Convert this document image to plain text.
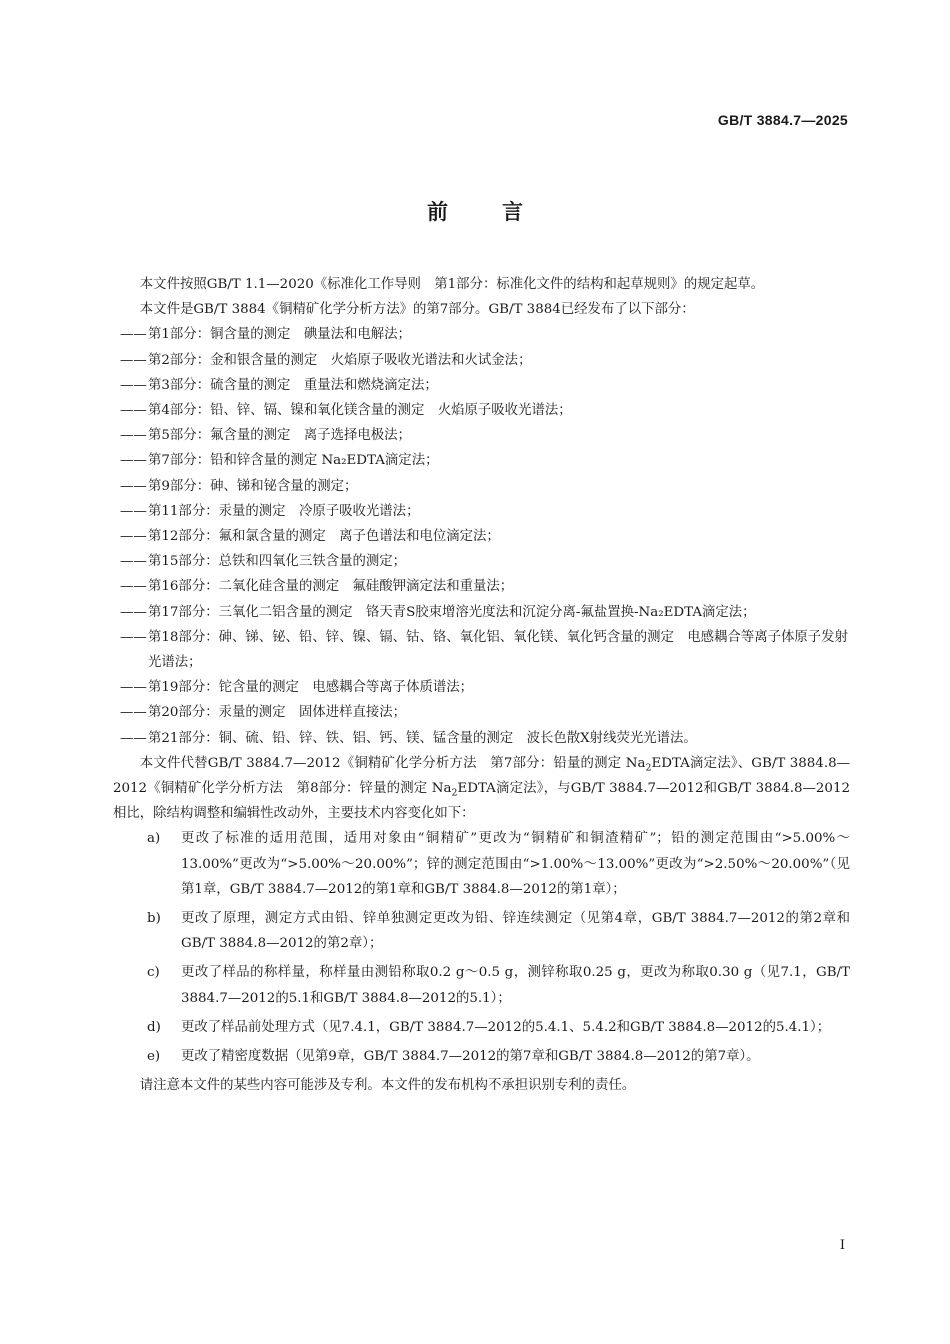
GB/T 3884.7—2025
前言

本文件按照GB/T 1.1—2020《标准化工作导则　第1部分：标准化文件的结构和起草规则》的规定起草。

本文件是GB/T 3884《铜精矿化学分析方法》的第7部分。GB/T 3884已经发布了以下部分：

——第1部分：铜含量的测定　碘量法和电解法；

——第2部分：金和银含量的测定　火焰原子吸收光谱法和火试金法；

——第3部分：硫含量的测定　重量法和燃烧滴定法；

——第4部分：铅、锌、镉、镍和氧化镁含量的测定　火焰原子吸收光谱法；

——第5部分：氟含量的测定　离子选择电极法；

——第7部分：铅和锌含量的测定 Na₂EDTA滴定法；

——第9部分：砷、锑和铋含量的测定；

——第11部分：汞量的测定　冷原子吸收光谱法；

——第12部分：氟和氯含量的测定　离子色谱法和电位滴定法；

——第15部分：总铁和四氧化三铁含量的测定；

——第16部分：二氧化硅含量的测定　氟硅酸钾滴定法和重量法；

——第17部分：三氧化二铝含量的测定　铬天青S胶束增溶光度法和沉淀分离-氟盐置换-Na₂EDTA滴定法；

——第18部分：砷、锑、铋、铅、锌、镍、镉、钴、铬、氧化铝、氧化镁、氧化钙含量的测定　电感耦合等离子体原子发射光谱法；

——第19部分：铊含量的测定　电感耦合等离子体质谱法；

——第20部分：汞量的测定　固体进样直接法；

——第21部分：铜、硫、铅、锌、铁、铝、钙、镁、锰含量的测定　波长色散X射线荧光光谱法。

本文件代替GB/T 3884.7—2012《铜精矿化学分析方法　第7部分：铅量的测定 $Na_2EDTA$滴定法》、GB/T 3884.8—2012《铜精矿化学分析方法　第8部分：锌量的测定 $Na_2EDTA$滴定法》，与GB/T 3884.7—2012和GB/T 3884.8—2012相比，除结构调整和编辑性改动外，主要技术内容变化如下：

a) 更改了标准的适用范围，适用对象由“铜精矿”更改为“铜精矿和铜渣精矿”；铅的测定范围由“>5.00%～13.00%”更改为“>5.00%～20.00%”；锌的测定范围由“>1.00%～13.00%”更改为“>2.50%～20.00%”（见第1章，GB/T 3884.7—2012的第1章和GB/T 3884.8—2012的第1章）；
b) 更改了原理，测定方式由铅、锌单独测定更改为铅、锌连续测定（见第4章，GB/T 3884.7—2012的第2章和GB/T 3884.8—2012的第2章）；
c) 更改了样品的称样量，称样量由测铅称取0.2 g～0.5 g，测锌称取0.25 g，更改为称取0.30 g（见7.1，GB/T 3884.7—2012的5.1和GB/T 3884.8—2012的5.1）；
d) 更改了样品前处理方式（见7.4.1，GB/T 3884.7—2012的5.4.1、5.4.2和GB/T 3884.8—2012的5.4.1）；
e) 更改了精密度数据（见第9章，GB/T 3884.7—2012的第7章和GB/T 3884.8—2012的第7章）。

请注意本文件的某些内容可能涉及专利。本文件的发布机构不承担识别专利的责任。

I
